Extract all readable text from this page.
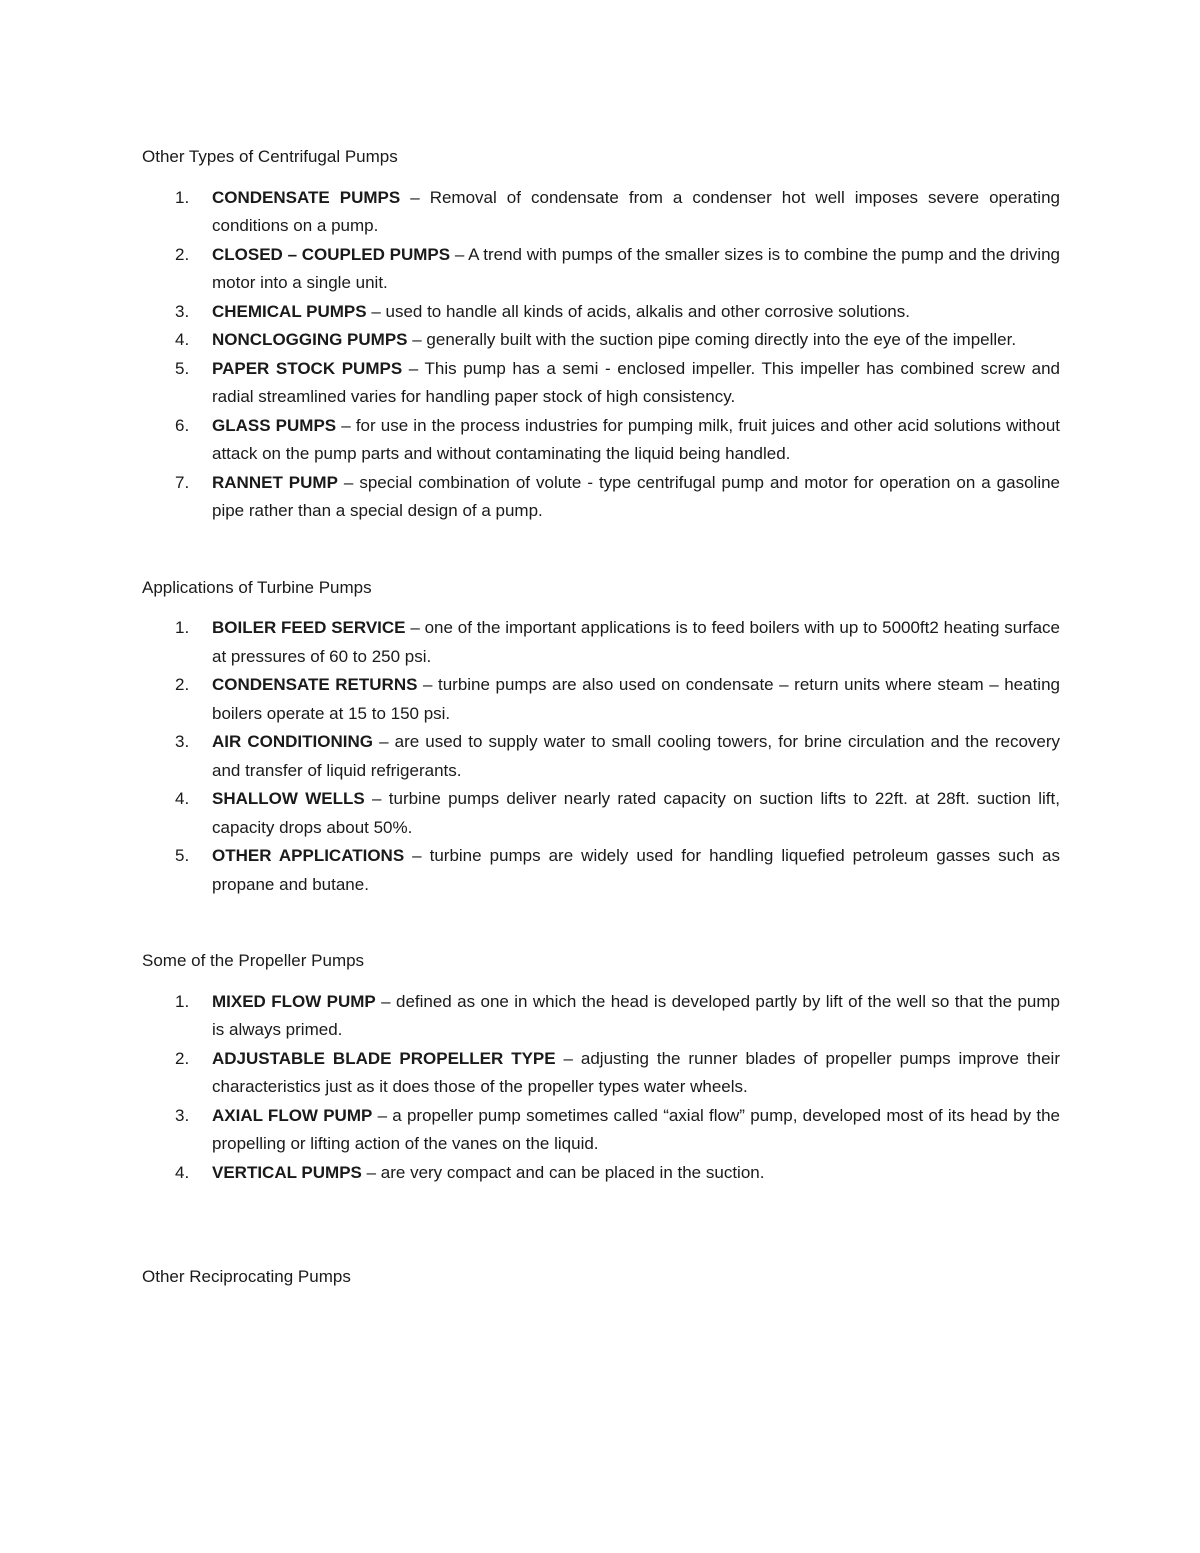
Other Types of Centrifugal Pumps
1. CONDENSATE PUMPS – Removal of condensate from a condenser hot well imposes severe operating conditions on a pump.
2. CLOSED – COUPLED PUMPS – A trend with pumps of the smaller sizes is to combine the pump and the driving motor into a single unit.
3. CHEMICAL PUMPS – used to handle all kinds of acids, alkalis and other corrosive solutions.
4. NONCLOGGING PUMPS – generally built with the suction pipe coming directly into the eye of the impeller.
5. PAPER STOCK PUMPS – This pump has a semi - enclosed impeller. This impeller has combined screw and radial streamlined varies for handling paper stock of high consistency.
6. GLASS PUMPS – for use in the process industries for pumping milk, fruit juices and other acid solutions without attack on the pump parts and without contaminating the liquid being handled.
7. RANNET PUMP – special combination of volute - type centrifugal pump and motor for operation on a gasoline pipe rather than a special design of a pump.
Applications of Turbine Pumps
1. BOILER FEED SERVICE – one of the important applications is to feed boilers with up to 5000ft2 heating surface at pressures of 60 to 250 psi.
2. CONDENSATE RETURNS – turbine pumps are also used on condensate – return units where steam – heating boilers operate at 15 to 150 psi.
3. AIR CONDITIONING – are used to supply water to small cooling towers, for brine circulation and the recovery and transfer of liquid refrigerants.
4. SHALLOW WELLS – turbine pumps deliver nearly rated capacity on suction lifts to 22ft. at 28ft. suction lift, capacity drops about 50%.
5. OTHER APPLICATIONS – turbine pumps are widely used for handling liquefied petroleum gasses such as propane and butane.
Some of the Propeller Pumps
1. MIXED FLOW PUMP – defined as one in which the head is developed partly by lift of the well so that the pump is always primed.
2. ADJUSTABLE BLADE PROPELLER TYPE – adjusting the runner blades of propeller pumps improve their characteristics just as it does those of the propeller types water wheels.
3. AXIAL FLOW PUMP – a propeller pump sometimes called “axial flow” pump, developed most of its head by the propelling or lifting action of the vanes on the liquid.
4. VERTICAL PUMPS – are very compact and can be placed in the suction.
Other Reciprocating Pumps
